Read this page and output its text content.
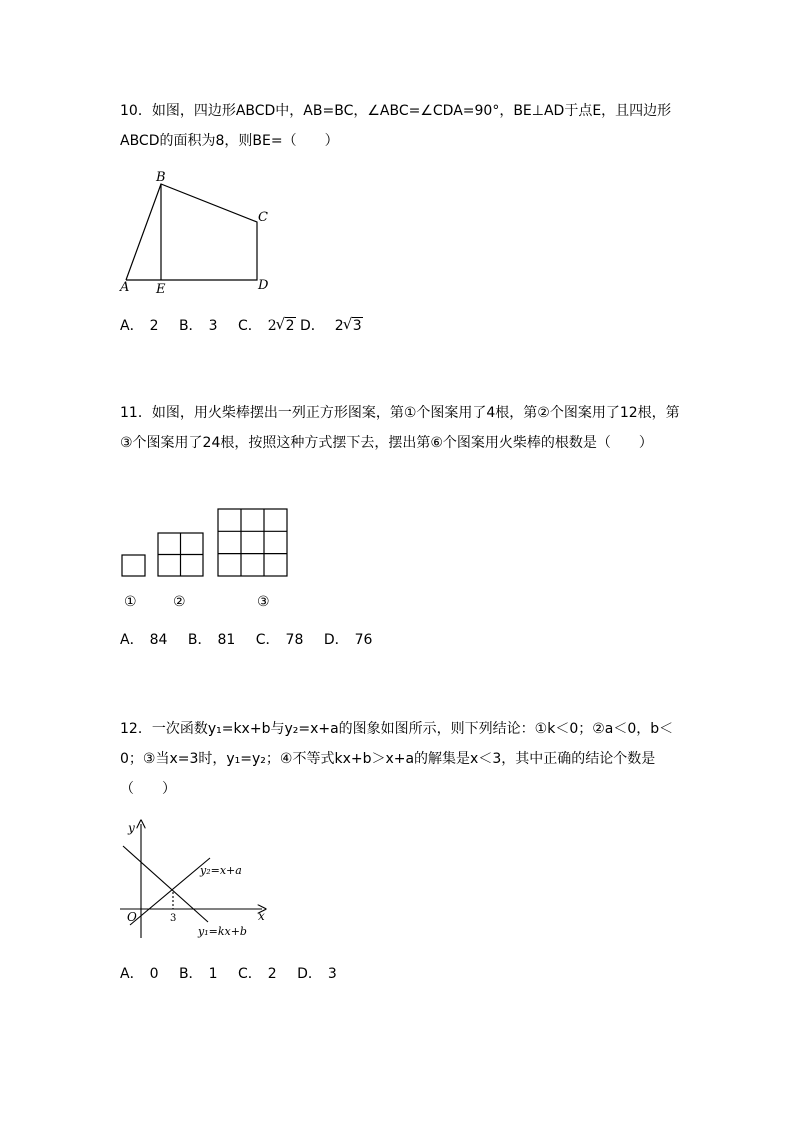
10．如图，四边形ABCD中，AB=BC，∠ABC=∠CDA=90°，BE⊥AD于点E，且四边形ABCD的面积为8，则BE=（　　）

B
C
D
A E
A． 2 B． 3 C． 2 √ 2 D． 2 √ 3

11．如图，用火柴棒摆出一列正方形图案，第①个图案用了4根，第②个图案用了12根，第③个图案用了24根，按照这种方式摆下去，摆出第⑥个图案用火柴棒的根数是（　　）

①	②	③
A． 84 B． 81 C． 78 D． 76

12．一次函数y₁=kx+b与y₂=x+a的图象如图所示，则下列结论：①k＜0；②a＜0，b＜0；③当x=3时，y₁=y₂；④不等式kx+b＞x+a的解集是x＜3，其中正确的结论个数是（　　）

y
x
O	3
y₂=x+a
y₁=kx+b
A． 0 B． 1 C． 2 D． 3
